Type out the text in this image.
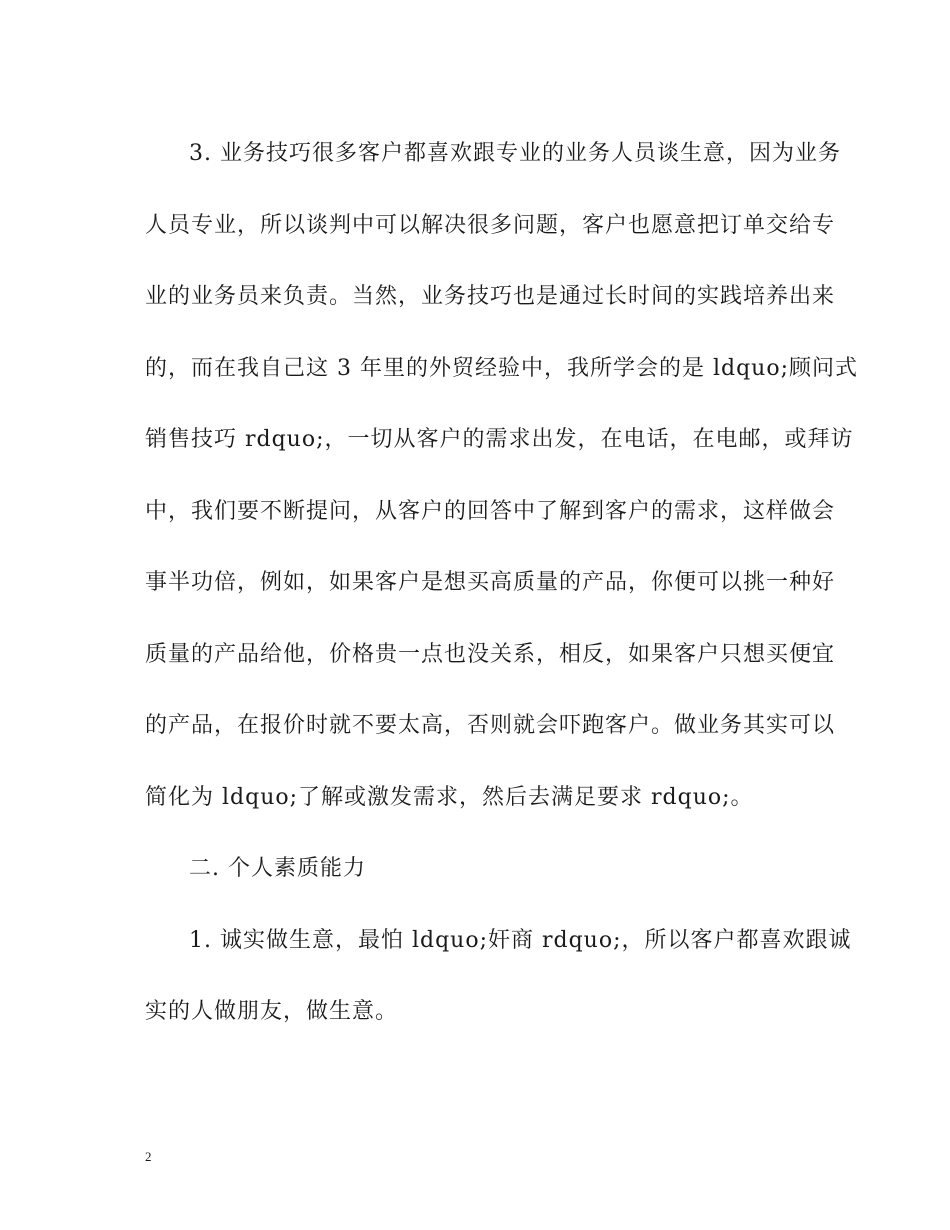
3. 业务技巧很多客户都喜欢跟专业的业务人员谈生意，因为业务
人员专业，所以谈判中可以解决很多问题，客户也愿意把订单交给专
业的业务员来负责。当然，业务技巧也是通过长时间的实践培养出来
的，而在我自己这 3 年里的外贸经验中，我所学会的是 ldquo;顾问式
销售技巧 rdquo;，一切从客户的需求出发，在电话，在电邮，或拜访
中，我们要不断提问，从客户的回答中了解到客户的需求，这样做会
事半功倍，例如，如果客户是想买高质量的产品，你便可以挑一种好
质量的产品给他，价格贵一点也没关系，相反，如果客户只想买便宜
的产品，在报价时就不要太高，否则就会吓跑客户。做业务其实可以
简化为 ldquo;了解或激发需求，然后去满足要求 rdquo;。

二. 个人素质能力

1. 诚实做生意，最怕 ldquo;奸商 rdquo;，所以客户都喜欢跟诚
实的人做朋友，做生意。

2
